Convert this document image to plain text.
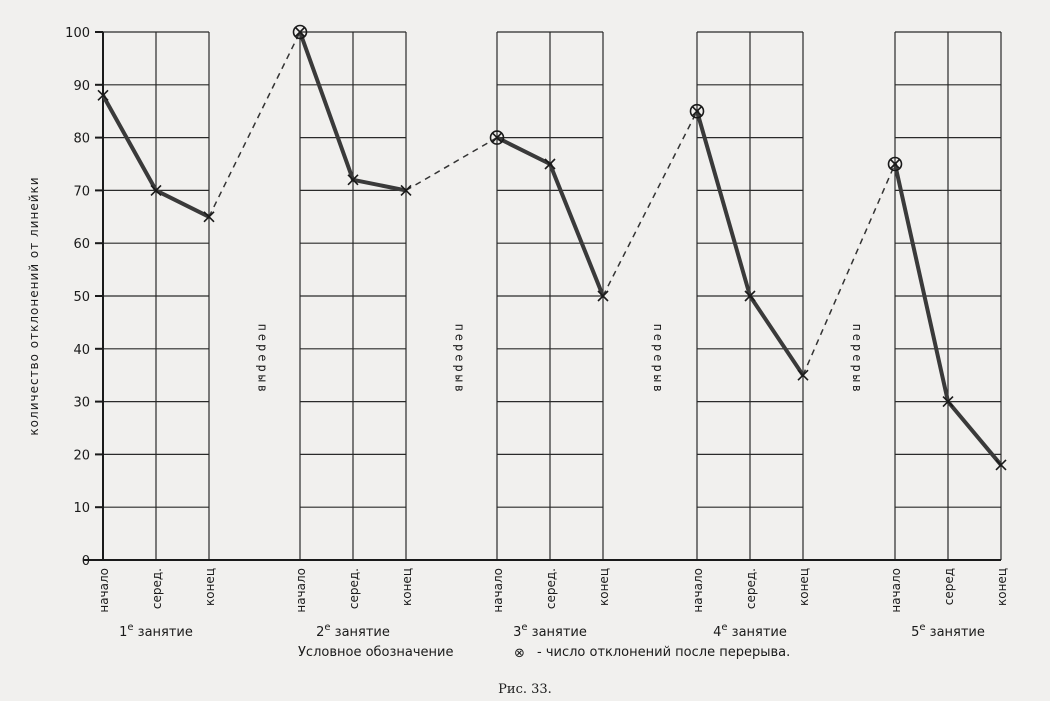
0
10
20
30
40
50
60
70
80
90
100
перерыв	перерыв	перерыв	перерыв
начало	серед.	конец
$1^е$ занятие
начало	серед.	конец
$2^е$ занятие
начало	серед.	конец
$3^е$ занятие
начало	серед.	конец
$4^е$ занятие
начало	серед	конец
$5^е$ занятие
количество отклонений от линейки
Условное обозначение	⊗ - число отклонений после перерыва.
Рис. 33.
